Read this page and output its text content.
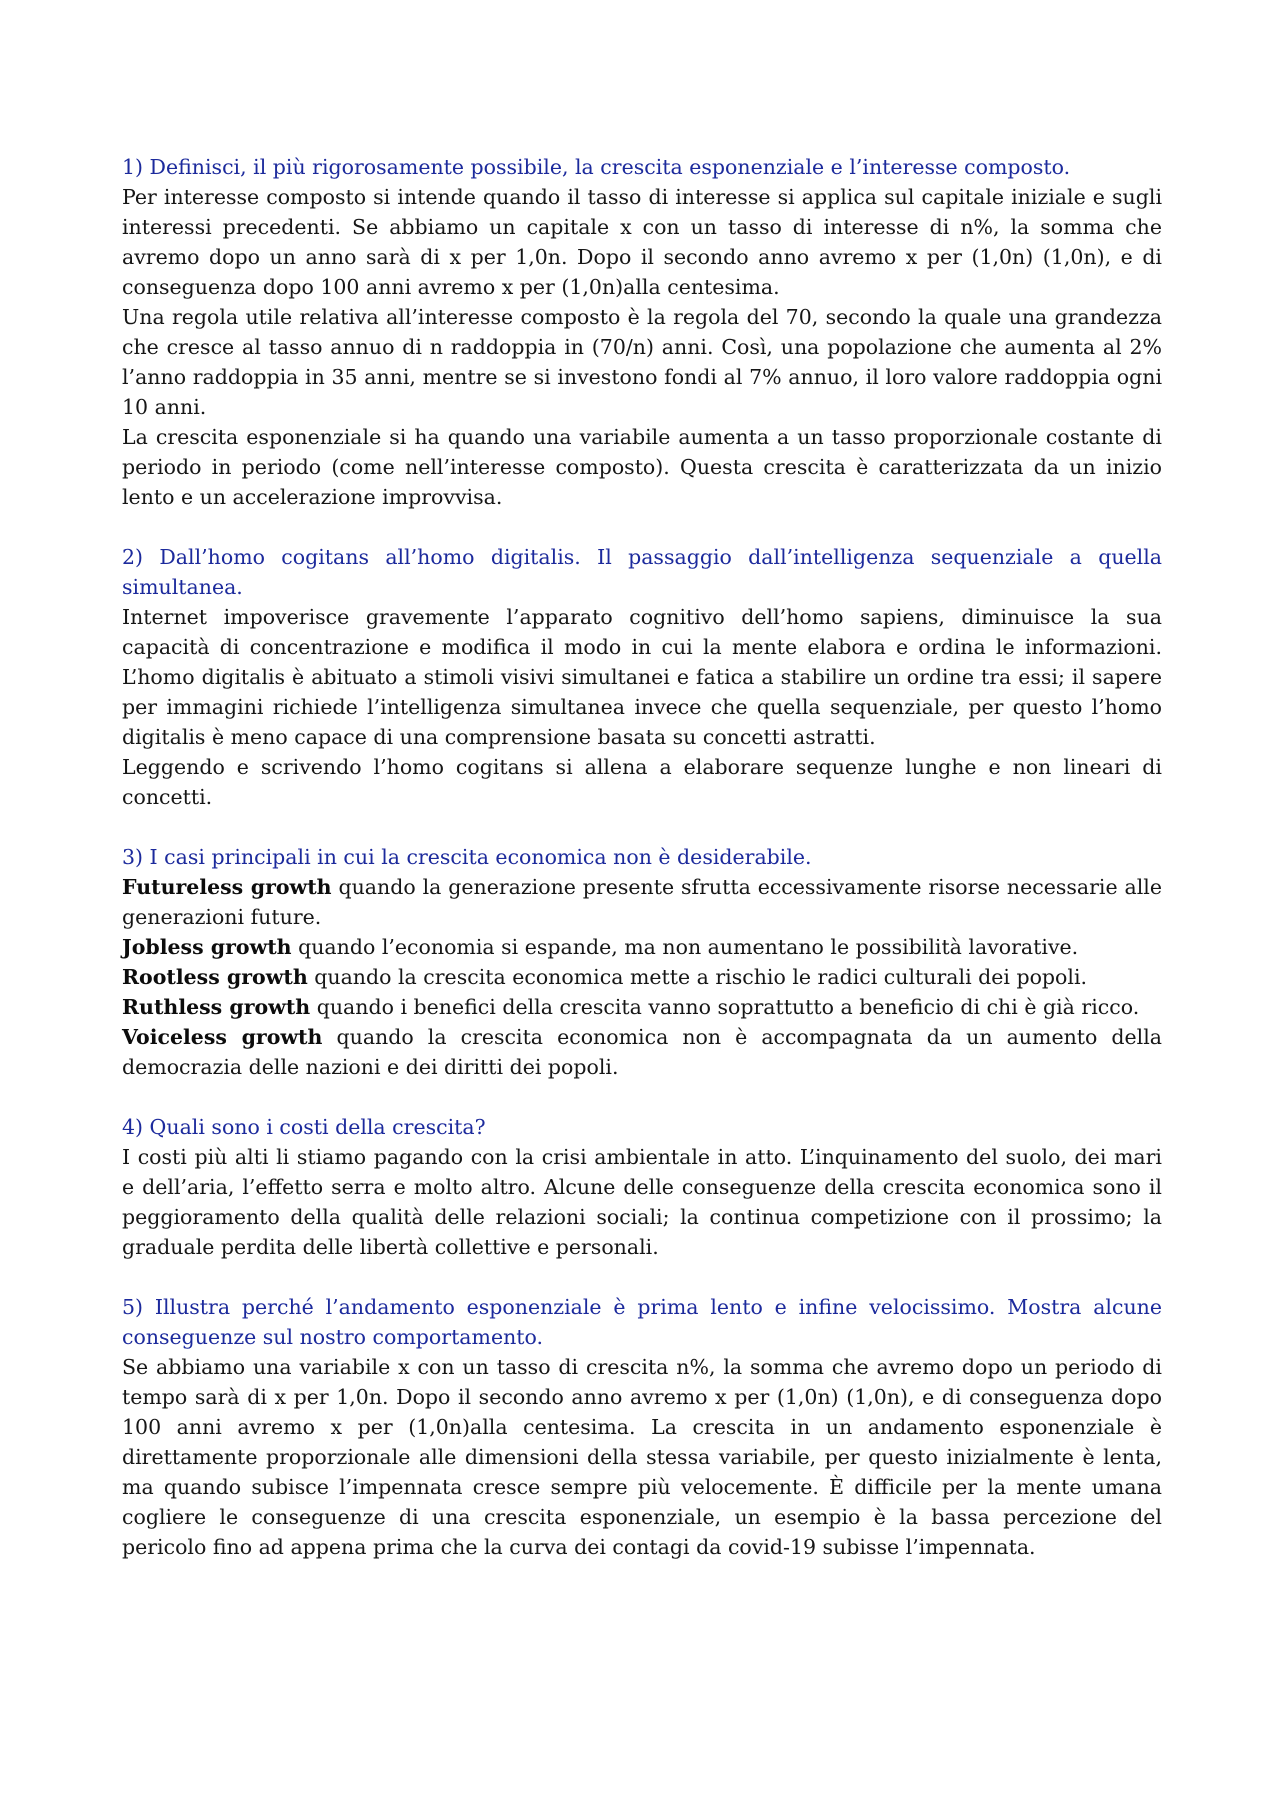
1) Definisci, il più rigorosamente possibile, la crescita esponenziale e l’interesse composto.

Per interesse composto si intende quando il tasso di interesse si applica sul capitale iniziale e sugli interessi precedenti. Se abbiamo un capitale x con un tasso di interesse di n%, la somma che avremo dopo un anno sarà di x per 1,0n. Dopo il secondo anno avremo x per (1,0n) (1,0n), e di conseguenza dopo 100 anni avremo x per (1,0n)alla centesima.

Una regola utile relativa all’interesse composto è la regola del 70, secondo la quale una grandezza che cresce al tasso annuo di n raddoppia in (70/n) anni. Così, una popolazione che aumenta al 2% l’anno raddoppia in 35 anni, mentre se si investono fondi al 7% annuo, il loro valore raddoppia ogni 10 anni.

La crescita esponenziale si ha quando una variabile aumenta a un tasso proporzionale costante di periodo in periodo (come nell’interesse composto). Questa crescita è caratterizzata da un inizio lento e un accelerazione improvvisa.

2) Dall’homo cogitans all’homo digitalis. Il passaggio dall’intelligenza sequenziale a quella simultanea.

Internet impoverisce gravemente l’apparato cognitivo dell’homo sapiens, diminuisce la sua capacità di concentrazione e modifica il modo in cui la mente elabora e ordina le informazioni. L’homo digitalis è abituato a stimoli visivi simultanei e fatica a stabilire un ordine tra essi; il sapere per immagini richiede l’intelligenza simultanea invece che quella sequenziale, per questo l’homo digitalis è meno capace di una comprensione basata su concetti astratti.

Leggendo e scrivendo l’homo cogitans si allena a elaborare sequenze lunghe e non lineari di concetti.

3) I casi principali in cui la crescita economica non è desiderabile.

Futureless growth quando la generazione presente sfrutta eccessivamente risorse necessarie alle generazioni future.

Jobless growth quando l’economia si espande, ma non aumentano le possibilità lavorative.

Rootless growth quando la crescita economica mette a rischio le radici culturali dei popoli.

Ruthless growth quando i benefici della crescita vanno soprattutto a beneficio di chi è già ricco.

Voiceless growth quando la crescita economica non è accompagnata da un aumento della democrazia delle nazioni e dei diritti dei popoli.

4) Quali sono i costi della crescita?

I costi più alti li stiamo pagando con la crisi ambientale in atto. L’inquinamento del suolo, dei mari e dell’aria, l’effetto serra e molto altro. Alcune delle conseguenze della crescita economica sono il peggioramento della qualità delle relazioni sociali; la continua competizione con il prossimo; la graduale perdita delle libertà collettive e personali.

5) Illustra perché l’andamento esponenziale è prima lento e infine velocissimo. Mostra alcune conseguenze sul nostro comportamento.

Se abbiamo una variabile x con un tasso di crescita n%, la somma che avremo dopo un periodo di tempo sarà di x per 1,0n. Dopo il secondo anno avremo x per (1,0n) (1,0n), e di conseguenza dopo 100 anni avremo x per (1,0n)alla centesima. La crescita in un andamento esponenziale è direttamente proporzionale alle dimensioni della stessa variabile, per questo inizialmente è lenta, ma quando subisce l’impennata cresce sempre più velocemente. È difficile per la mente umana cogliere le conseguenze di una crescita esponenziale, un esempio è la bassa percezione del pericolo fino ad appena prima che la curva dei contagi da covid-19 subisse l’impennata.
